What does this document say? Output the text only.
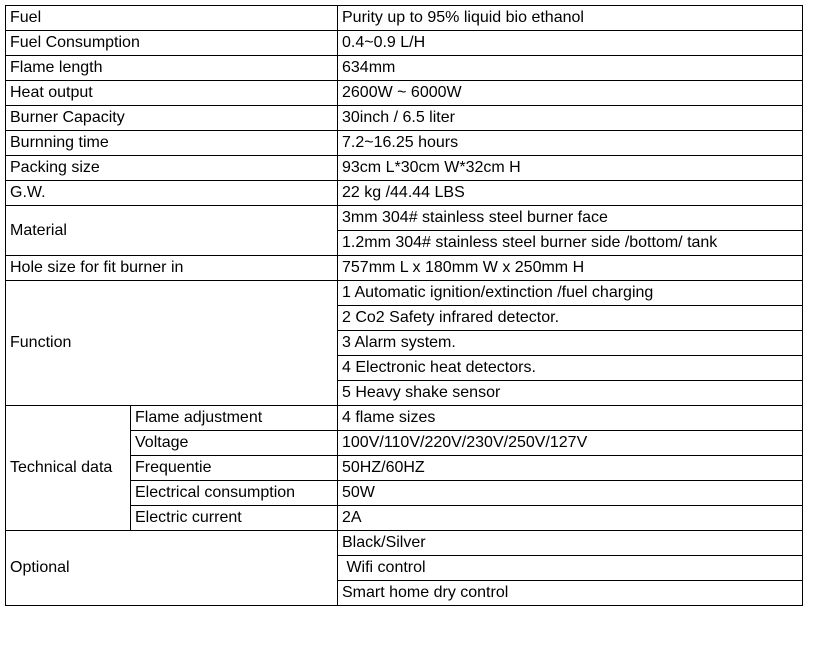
Fuel		Purity up to 95% liquid bio ethanol
Fuel Consumption		0.4~0.9 L/H
Flame length		634mm
Heat output		2600W ~ 6000W
Burner Capacity		30inch / 6.5 liter
Burnning time		7.2~16.25 hours
Packing size		93cm L*30cm W*32cm H
G.W.		22 kg /44.44 LBS
Material		3mm 304# stainless steel burner face
		1.2mm 304# stainless steel burner side /bottom/ tank
Hole size for fit burner in		757mm L x 180mm W x 250mm H
Function		1 Automatic ignition/extinction /fuel charging
		2 Co2 Safety infrared detector.
		3 Alarm system.
		4 Electronic heat detectors.
		5 Heavy shake sensor
Technical data	Flame adjustment	4 flame sizes
	Voltage	100V/110V/220V/230V/250V/127V
	Frequentie	50HZ/60HZ
	Electrical consumption	50W
	Electric current	2A
Optional		Black/Silver
		Wifi control
		Smart home dry control
